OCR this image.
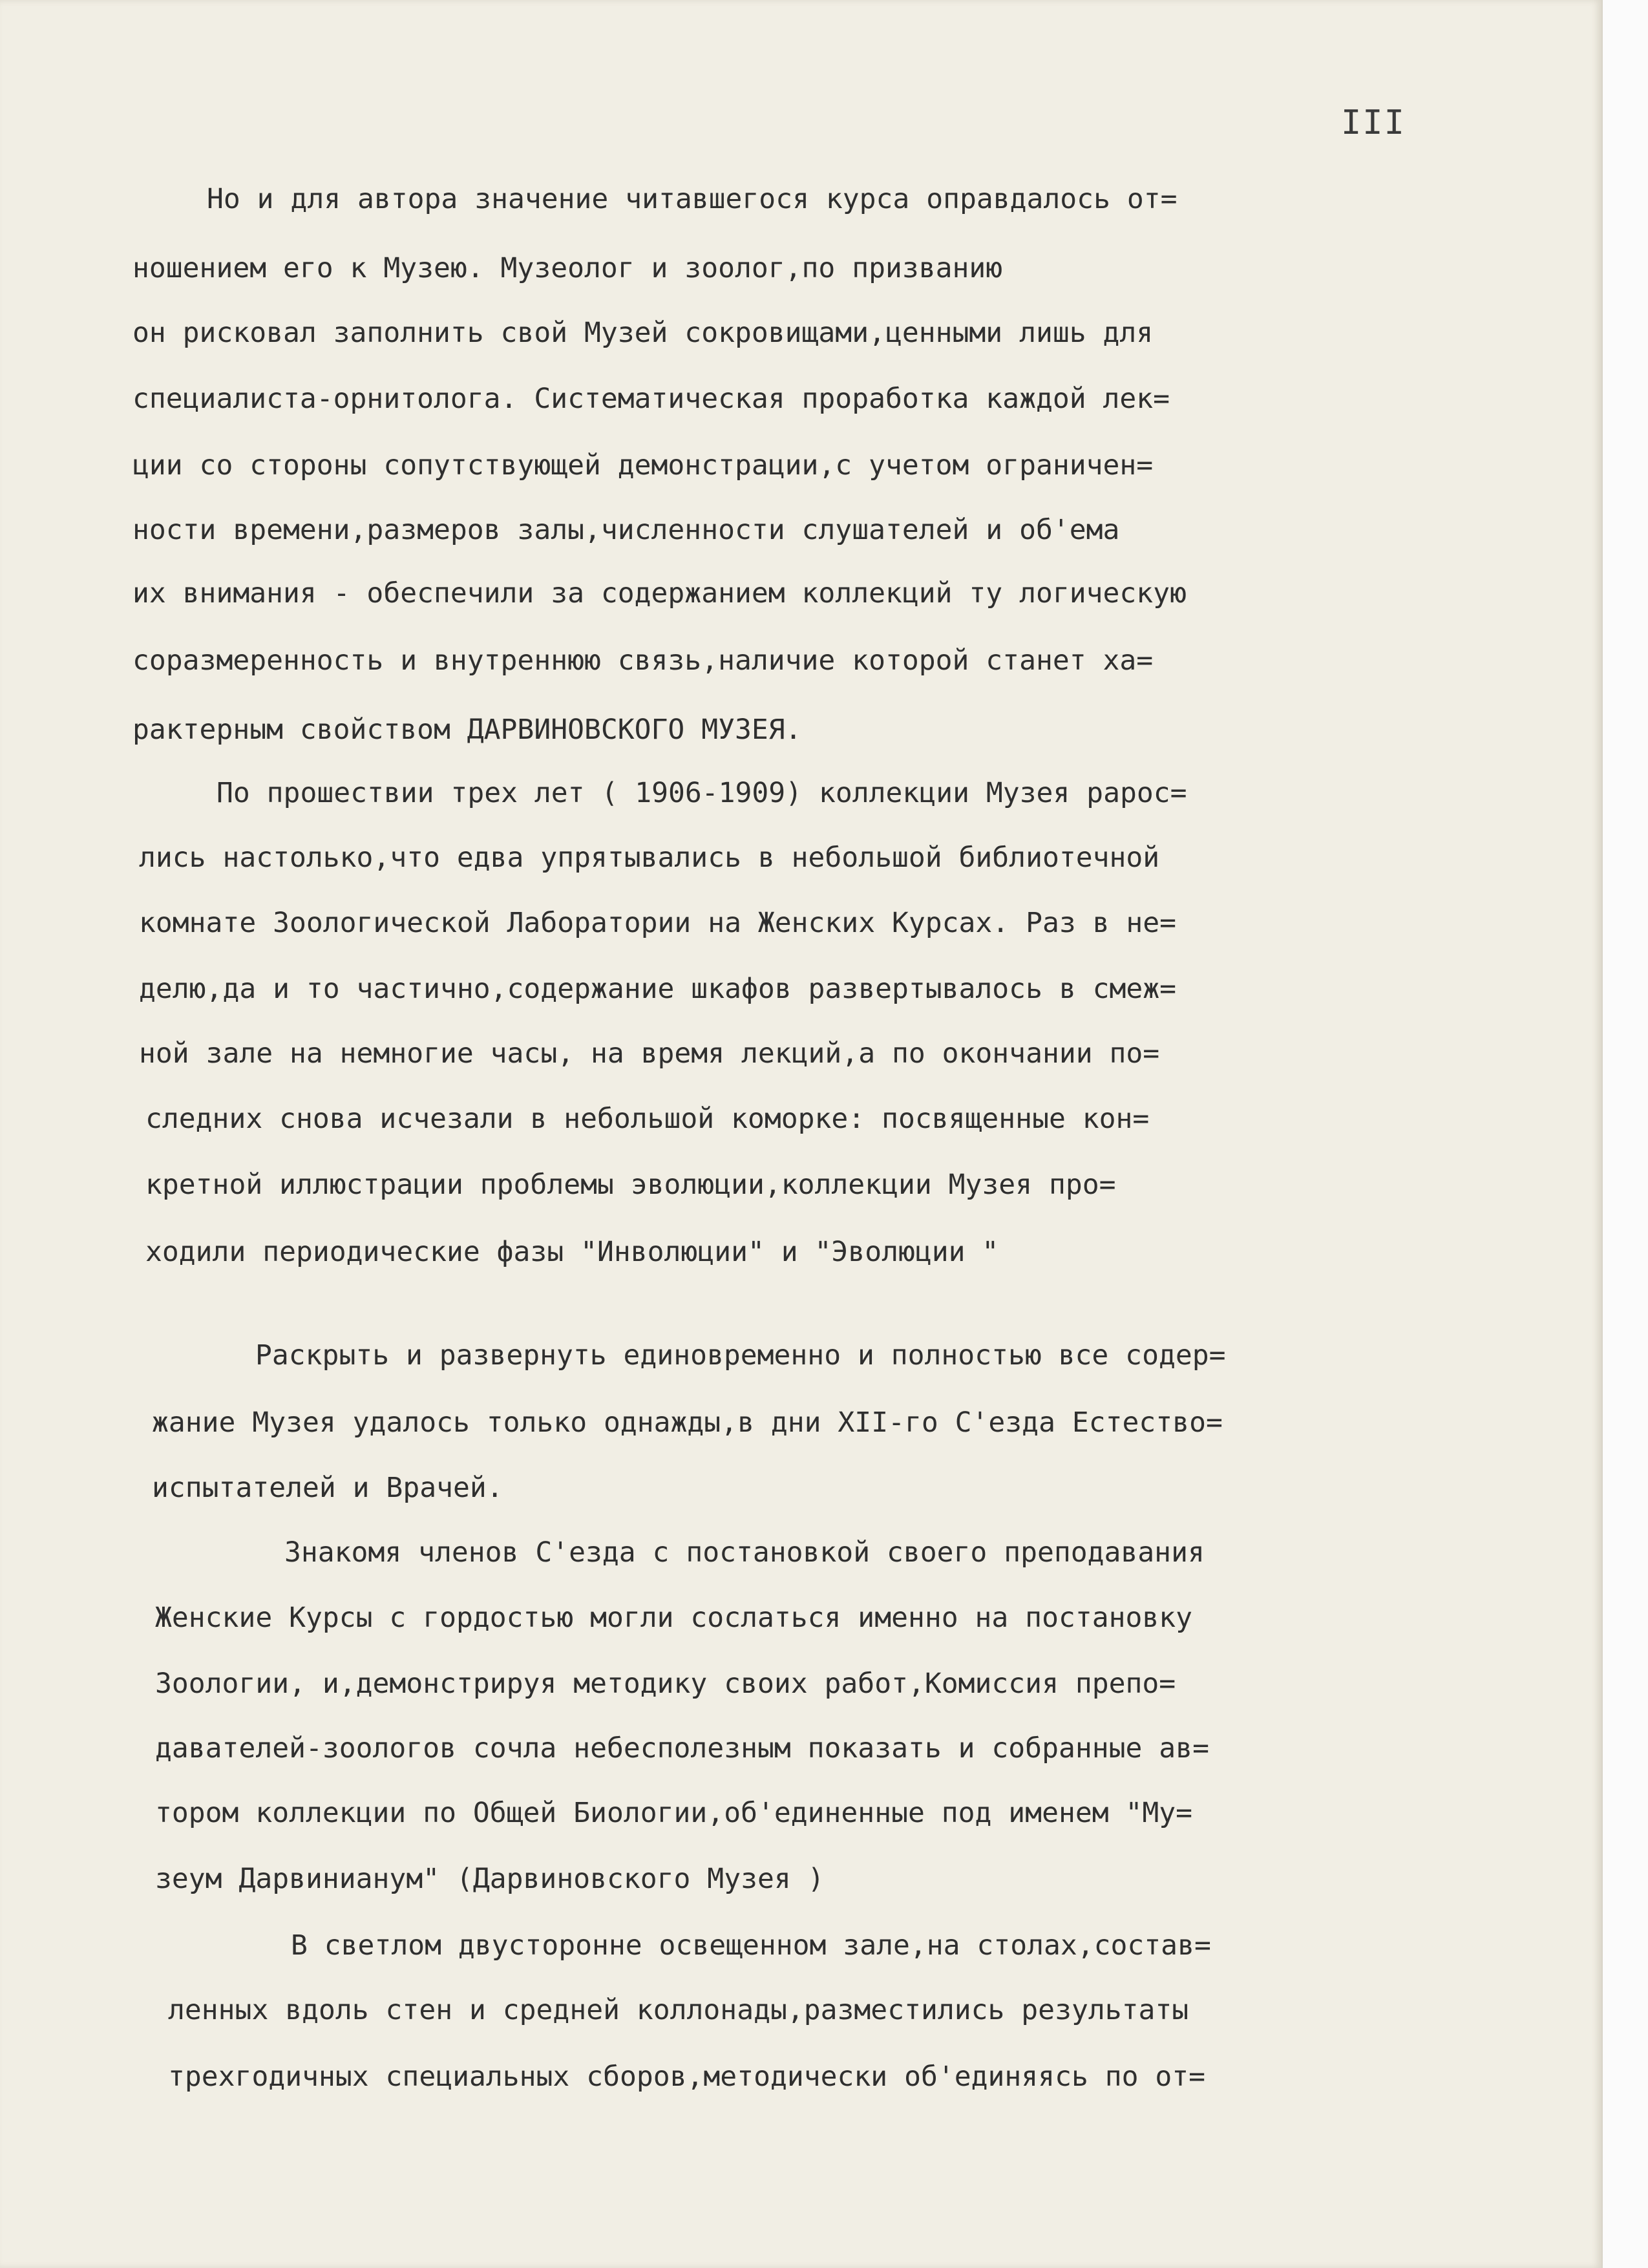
III
Но и для автора значение читавшегося курса оправдалось от=
ношением его к Музею. Музеолог и зоолог,по призванию
он рисковал заполнить свой Музей сокровищами,ценными лишь для
специалиста-орнитолога. Систематическая проработка каждой лек=
ции со стороны сопутствующей демонстрации,с учетом ограничен=
ности времени,размеров залы,численности слушателей и об'ема
их внимания - обеспечили за содержанием коллекций ту логическую
соразмеренность и внутреннюю связь,наличие которой станет ха=
рактерным свойством ДАРВИНОВСКОГО МУЗЕЯ.
По прошествии трех лет ( 1906-1909) коллекции Музея рарос=
лись настолько,что едва упрятывались в небольшой библиотечной
комнате Зоологической Лаборатории на Женских Курсах. Раз в не=
делю,да и то частично,содержание шкафов развертывалось в смеж=
ной зале на немногие часы, на время лекций,а по окончании по=
следних снова исчезали в небольшой коморке: посвященные кон=
кретной иллюстрации проблемы эволюции,коллекции Музея про=
ходили периодические фазы "Инволюции" и "Эволюции "
Раскрыть и развернуть единовременно и полностью все содер=
жание Музея удалось только однажды,в дни XII-го С'езда Естество=
испытателей и Врачей.
Знакомя членов С'езда с постановкой своего преподавания
Женские Курсы с гордостью могли сослаться именно на постановку
Зоологии, и,демонстрируя методику своих работ,Комиссия препо=
давателей-зоологов сочла небесполезным показать и собранные ав=
тором коллекции по Общей Биологии,об'единенные под именем "Му=
зеум Дарвинианум" (Дарвиновского Музея )
В светлом двусторонне освещенном зале,на столах,состав=
ленных вдоль стен и средней коллонады,разместились результаты
трехгодичных специальных сборов,методически об'единяясь по от=
